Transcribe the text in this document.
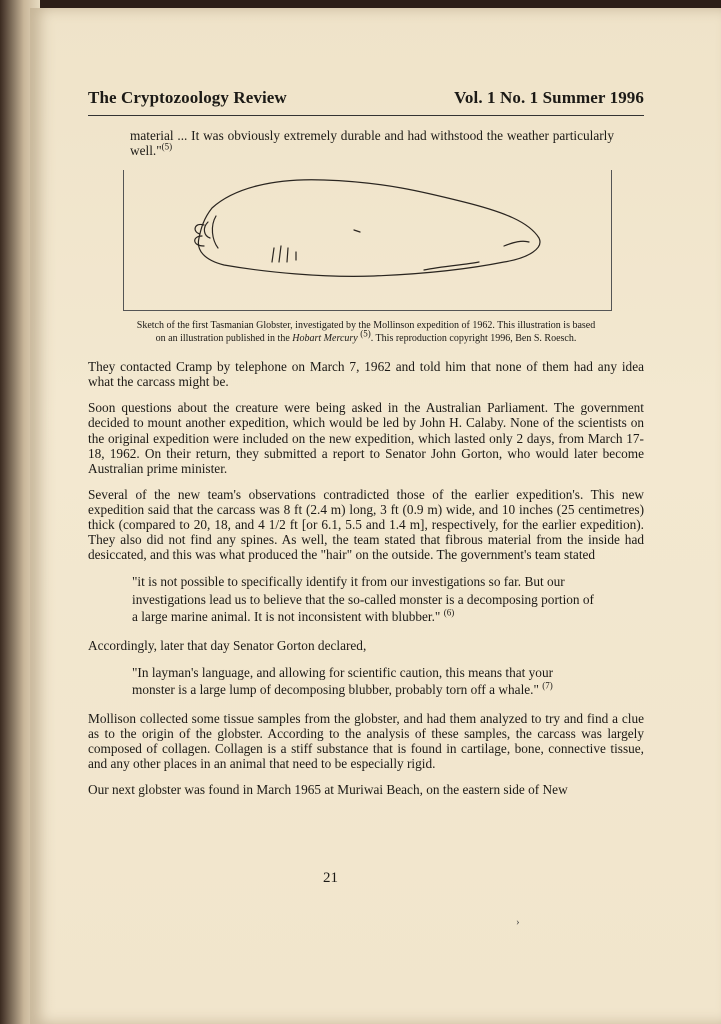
The Cryptozoology Review	Vol. 1 No. 1 Summer 1996

material ... It was obviously extremely durable and had withstood the weather particularly well."$^{(5)}$

Sketch of the first Tasmanian Globster, investigated by the Mollinson expedition of 1962. This illustration is based
on an illustration published in the Hobart Mercury $^{(5)}$. This reproduction copyright 1996, Ben S. Roesch.

They contacted Cramp by telephone on March 7, 1962 and told him that none of them had any idea what the carcass might be.

Soon questions about the creature were being asked in the Australian Parliament. The government decided to mount another expedition, which would be led by John H. Calaby. None of the scientists on the original expedition were included on the new expedition, which lasted only 2 days, from March 17-18, 1962. On their return, they submitted a report to Senator John Gorton, who would later become Australian prime minister.

Several of the new team's observations contradicted those of the earlier expedition's. This new expedition said that the carcass was 8 ft (2.4 m) long, 3 ft (0.9 m) wide, and 10 inches (25 centimetres) thick (compared to 20, 18, and 4 1/2 ft [or 6.1, 5.5 and 1.4 m], respectively, for the earlier expedition). They also did not find any spines. As well, the team stated that fibrous material from the inside had desiccated, and this was what produced the "hair" on the outside. The government's team stated

"it is not possible to specifically identify it from our investigations so far. But our investigations lead us to believe that the so-called monster is a decomposing portion of a large marine animal. It is not inconsistent with blubber." $^{(6)}$

Accordingly, later that day Senator Gorton declared,

"In layman's language, and allowing for scientific caution, this means that your monster is a large lump of decomposing blubber, probably torn off a whale." $^{(7)}$

Mollison collected some tissue samples from the globster, and had them analyzed to try and find a clue as to the origin of the globster. According to the analysis of these samples, the carcass was largely composed of collagen. Collagen is a stiff substance that is found in cartilage, bone, connective tissue, and any other places in an animal that need to be especially rigid.

Our next globster was found in March 1965 at Muriwai Beach, on the eastern side of New

21
›
